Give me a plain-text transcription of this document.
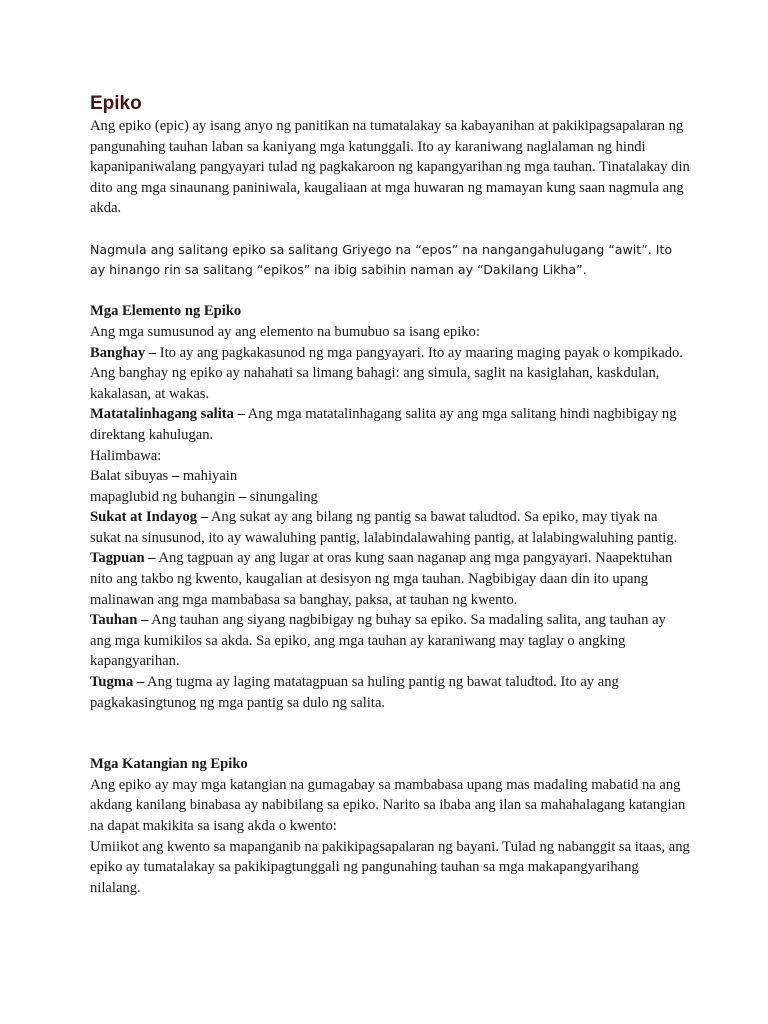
Epiko

Ang epiko (epic) ay isang anyo ng panitikan na tumatalakay sa kabayanihan at pakikipagsapalaran ng pangunahing tauhan laban sa kaniyang mga katunggali. Ito ay karaniwang naglalaman ng hindi kapanipaniwalang pangyayari tulad ng pagkakaroon ng kapangyarihan ng mga tauhan. Tinatalakay din dito ang mga sinaunang paniniwala, kaugaliaan at mga huwaran ng mamayan kung saan nagmula ang akda.

Nagmula ang salitang epiko sa salitang Griyego na “epos” na nangangahulugang “awit”. Ito ay hinango rin sa salitang “epikos” na ibig sabihin naman ay “Dakilang Likha”.

Mga Elemento ng Epiko

Ang mga sumusunod ay ang elemento na bumubuo sa isang epiko:

Banghay – Ito ay ang pagkakasunod ng mga pangyayari. Ito ay maaring maging payak o kompikado. Ang banghay ng epiko ay nahahati sa limang bahagi: ang simula, saglit na kasiglahan, kaskdulan, kakalasan, at wakas.

Matatalinhagang salita – Ang mga matatalinhagang salita ay ang mga salitang hindi nagbibigay ng direktang kahulugan.

Halimbawa:

Balat sibuyas – mahiyain

mapaglubid ng buhangin – sinungaling

Sukat at Indayog – Ang sukat ay ang bilang ng pantig sa bawat taludtod. Sa epiko, may tiyak na sukat na sinusunod, ito ay wawaluhing pantig, lalabindalawahing pantig, at lalabingwaluhing pantig.

Tagpuan – Ang tagpuan ay ang lugar at oras kung saan naganap ang mga pangyayari. Naapektuhan nito ang takbo ng kwento, kaugalian at desisyon ng mga tauhan. Nagbibigay daan din ito upang malinawan ang mga mambabasa sa banghay, paksa, at tauhan ng kwento.

Tauhan – Ang tauhan ang siyang nagbibigay ng buhay sa epiko. Sa madaling salita, ang tauhan ay ang mga kumikilos sa akda. Sa epiko, ang mga tauhan ay karaniwang may taglay o angking kapangyarihan.

Tugma – Ang tugma ay laging matatagpuan sa huling pantig ng bawat taludtod. Ito ay ang pagkakasingtunog ng mga pantig sa dulo ng salita.

Mga Katangian ng Epiko

Ang epiko ay may mga katangian na gumagabay sa mambabasa upang mas madaling mabatid na ang akdang kanilang binabasa ay nabibilang sa epiko. Narito sa ibaba ang ilan sa mahahalagang katangian na dapat makikita sa isang akda o kwento:

Umiikot ang kwento sa mapanganib na pakikipagsapalaran ng bayani. Tulad ng nabanggit sa itaas, ang epiko ay tumatalakay sa pakikipagtunggali ng pangunahing tauhan sa mga makapangyarihang nilalang.
